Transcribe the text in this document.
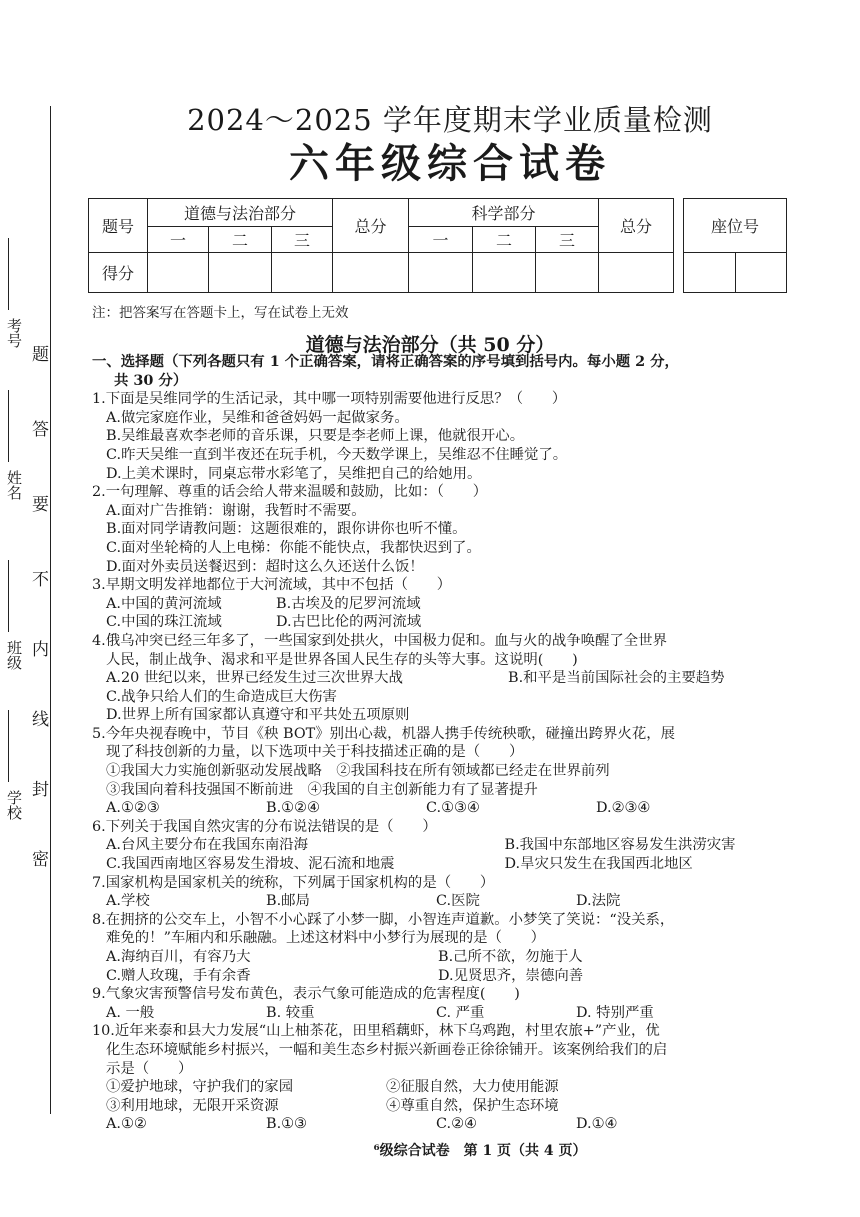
题
答
要
不
内
线
封
密
考号
姓名
班级
学校
2024～2025 学年度期末学业质量检测
六年级综合试卷
题号	道德与法治部分			总分	科学部分			总分
	一	二	三		一	二	三	
得分								
座位号

注：把答案写在答题卡上，写在试卷上无效
道德与法治部分（共 50 分）

一、选择题（下列各题只有 1 个正确答案，请将正确答案的序号填到括号内。每小题 2 分，

共 30 分）

1.下面是吴维同学的生活记录，其中哪一项特别需要他进行反思？（　　）

A.做完家庭作业，吴维和爸爸妈妈一起做家务。

B.吴维最喜欢李老师的音乐课，只要是李老师上课，他就很开心。

C.昨天吴维一直到半夜还在玩手机，今天数学课上，吴维忍不住睡觉了。

D.上美术课时，同桌忘带水彩笔了，吴维把自己的给她用。

2.一句理解、尊重的话会给人带来温暖和鼓励，比如：（　　）

A.面对广告推销：谢谢，我暂时不需要。

B.面对同学请教问题：这题很难的，跟你讲你也听不懂。

C.面对坐轮椅的人上电梯：你能不能快点，我都快迟到了。

D.面对外卖员送餐迟到：超时这么久还送什么饭！

3.早期文明发祥地都位于大河流域，其中不包括（　　）

A.中国的黄河流域	B.古埃及的尼罗河流域
C.中国的珠江流域	D.古巴比伦的两河流域

4.俄乌冲突已经三年多了，一些国家到处拱火，中国极力促和。血与火的战争唤醒了全世界

人民，制止战争、渴求和平是世界各国人民生存的头等大事。这说明(　　)

A.20 世纪以来，世界已经发生过三次世界大战	B.和平是当前国际社会的主要趋势

C.战争只给人们的生命造成巨大伤害

D.世界上所有国家都认真遵守和平共处五项原则

5.今年央视春晚中，节目《秧 BOT》别出心裁，机器人携手传统秧歌，碰撞出跨界火花，展

现了科技创新的力量，以下选项中关于科技描述正确的是（　　）

①我国大力实施创新驱动发展战略　②我国科技在所有领域都已经走在世界前列

③我国向着科技强国不断前进　④我国的自主创新能力有了显著提升

A.①②③	B.①②④	C.①③④	D.②③④

6.下列关于我国自然灾害的分布说法错误的是（　　）

A.台风主要分布在我国东南沿海	B.我国中东部地区容易发生洪涝灾害
C.我国西南地区容易发生滑坡、泥石流和地震	D.旱灾只发生在我国西北地区

7.国家机构是国家机关的统称，下列属于国家机构的是（　　）

A.学校	B.邮局	C.医院	D.法院

8.在拥挤的公交车上，小智不小心踩了小梦一脚，小智连声道歉。小梦笑了笑说：“没关系，

难免的！”车厢内和乐融融。上述这材料中小梦行为展现的是（　　）

A.海纳百川，有容乃大	B.己所不欲，勿施于人
C.赠人玫瑰，手有余香	D.见贤思齐，崇德向善

9.气象灾害预警信号发布黄色，表示气象可能造成的危害程度(　　)

A. 一般	B. 较重	C. 严重	D. 特别严重

10.近年来泰和县大力发展“山上柚茶花，田里稻藕虾，林下乌鸡跑，村里农旅+”产业，优

化生态环境赋能乡村振兴，一幅和美生态乡村振兴新画卷正徐徐铺开。该案例给我们的启

示是（　　）

①爱护地球，守护我们的家园	②征服自然，大力使用能源
③利用地球，无限开采资源	④尊重自然，保护生态环境
A.①②	B.①③	C.②④	D.①④
⁶级综合试卷　第 1 页（共 4 页）
